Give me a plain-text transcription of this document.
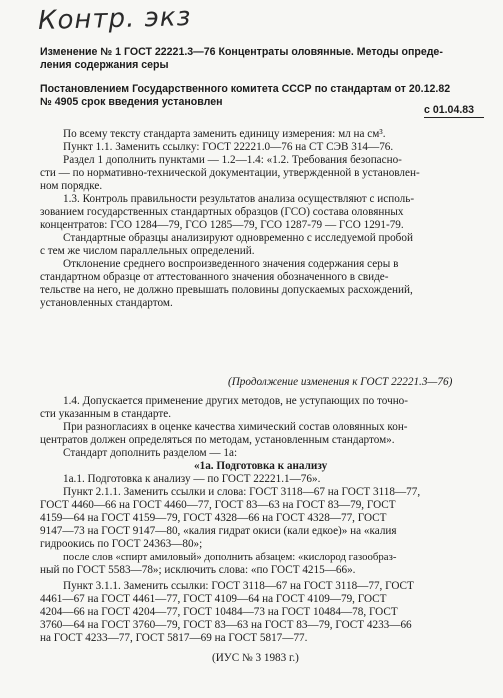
Контр. экз
Изменение № 1 ГОСТ 22221.3—76 Концентраты оловянные. Методы опреде-
ления содержания серы
Постановлением Государственного комитета СССР по стандартам от 20.12.82
№ 4905 срок введения установлен
с 01.04.83
По всему тексту стандарта заменить единицу измерения: мл на см³.
Пункт 1.1. Заменить ссылку: ГОСТ 22221.0—76 на СТ СЭВ 314—76.
Раздел 1 дополнить пунктами — 1.2—1.4: «1.2. Требования безопасно-
сти — по нормативно-технической документации, утвержденной в установлен-
ном порядке.
1.3. Контроль правильности результатов анализа осуществляют с исполь-
зованием государственных стандартных образцов (ГСО) состава оловянных
концентратов: ГСО 1284—79, ГСО 1285—79, ГСО 1287-79 — ГСО 1291-79.
Стандартные образцы анализируют одновременно с исследуемой пробой
с тем же числом параллельных определений.
Отклонение среднего воспроизведенного значения содержания серы в
стандартном образце от аттестованного значения обозначенного в свиде-
тельстве на него, не должно превышать половины допускаемых расхождений,
установленных стандартом.
(Продолжение изменения к ГОСТ 22221.3—76)
1.4. Допускается применение других методов, не уступающих по точно-
сти указанным в стандарте.
При разногласиях в оценке качества химический состав оловянных кон-
центратов должен определяться по методам, установленным стандартом».
Стандарт дополнить разделом — 1а:
«1а. Подготовка к анализу
1а.1. Подготовка к анализу — по ГОСТ 22221.1—76».
Пункт 2.1.1. Заменить ссылки и слова: ГОСТ 3118—67 на ГОСТ 3118—77,
ГОСТ 4460—66 на ГОСТ 4460—77, ГОСТ 83—63 на ГОСТ 83—79, ГОСТ
4159—64 на ГОСТ 4159—79, ГОСТ 4328—66 на ГОСТ 4328—77, ГОСТ
9147—73 на ГОСТ 9147—80, «калия гидрат окиси (кали едкое)» на «калия
гидроокись по ГОСТ 24363—80»;
после слов «спирт амиловый» дополнить абзацем: «кислород газообраз-
ный по ГОСТ 5583—78»; исключить слова: «по ГОСТ 4215—66».
Пункт 3.1.1. Заменить ссылки: ГОСТ 3118—67 на ГОСТ 3118—77, ГОСТ
4461—67 на ГОСТ 4461—77, ГОСТ 4109—64 на ГОСТ 4109—79, ГОСТ
4204—66 на ГОСТ 4204—77, ГОСТ 10484—73 на ГОСТ 10484—78, ГОСТ
3760—64 на ГОСТ 3760—79, ГОСТ 83—63 на ГОСТ 83—79, ГОСТ 4233—66
на ГОСТ 4233—77, ГОСТ 5817—69 на ГОСТ 5817—77.
(ИУС № 3 1983 г.)
